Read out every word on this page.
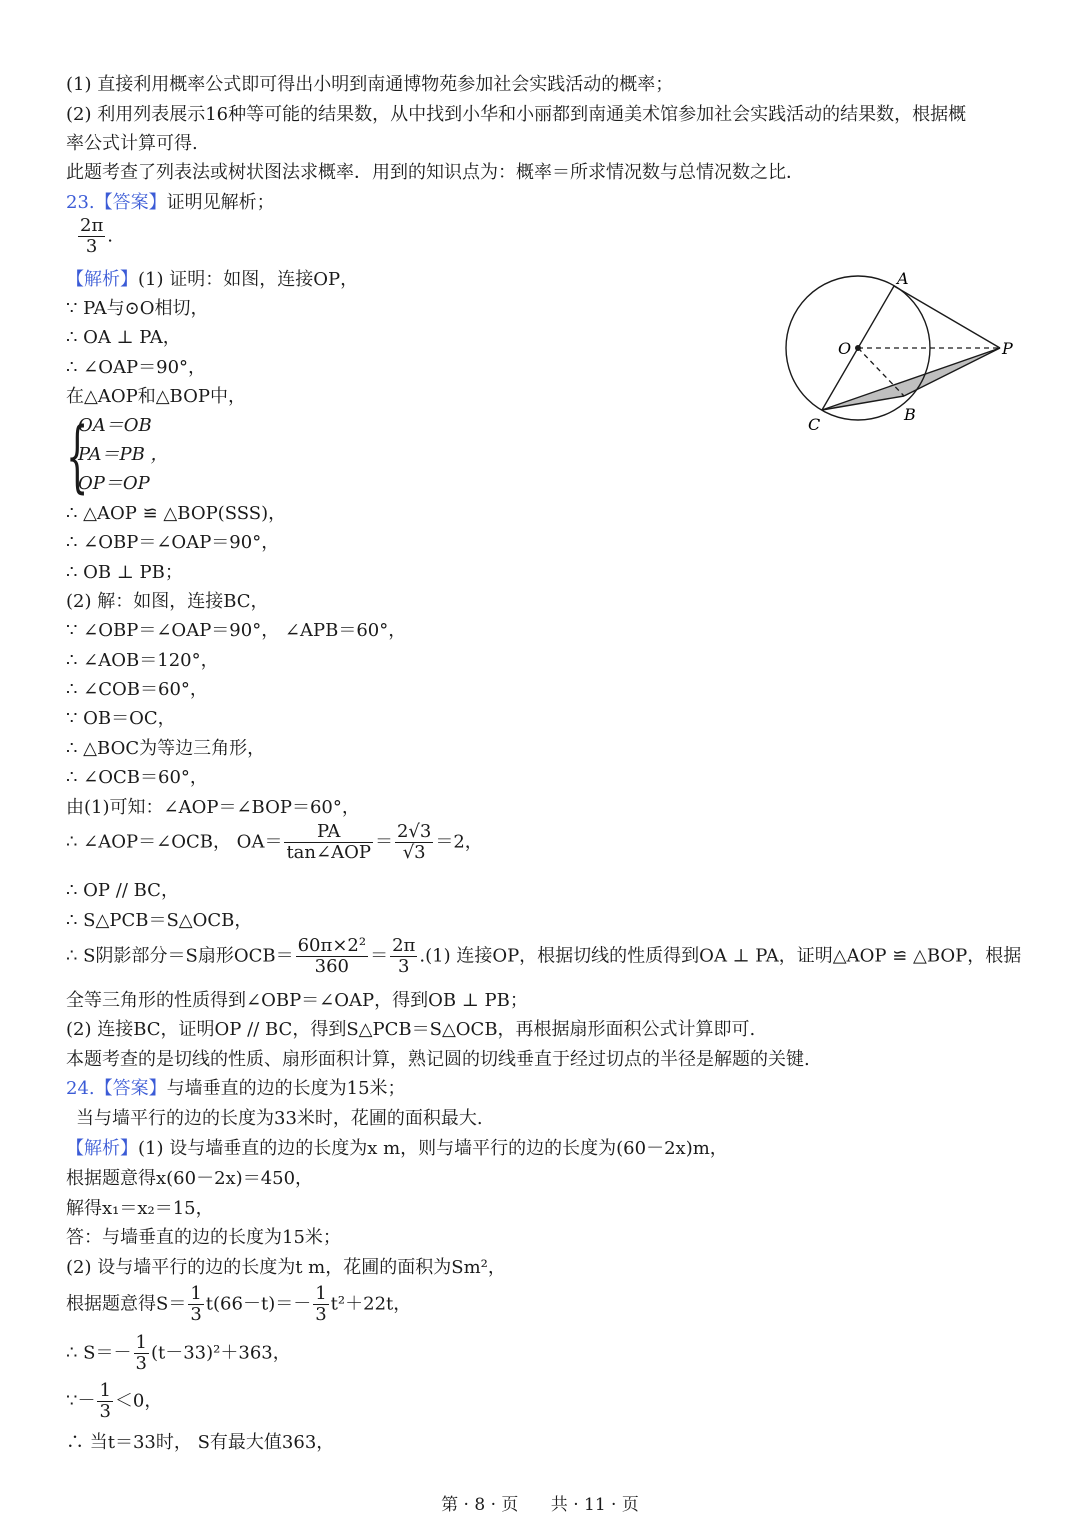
(1) 直接利用概率公式即可得出小明到南通博物苑参加社会实践活动的概率；
(2) 利用列表展示16种等可能的结果数，从中找到小华和小丽都到南通美术馆参加社会实践活动的结果数，根据概
率公式计算可得.
此题考查了列表法或树状图法求概率．用到的知识点为：概率＝所求情况数与总情况数之比．
23.【答案】证明见解析；
$\frac{2\pi}{3}$ .
【解析】(1) 证明：如图，连接OP，
∵ PA与⊙O相切，
∴ OA ⊥ PA，
∴ ∠OAP＝90°，
在△AOP和△BOP中，
{
OA＝OB
PA＝PB ，
OP＝OP
∴ △AOP ≌ △BOP(SSS)，
∴ ∠OBP＝∠OAP＝90°，
∴ OB ⊥ PB；
(2) 解：如图，连接BC，
∵ ∠OBP＝∠OAP＝90°， ∠APB＝60°，
∴ ∠AOB＝120°，
∴ ∠COB＝60°，
∵ OB＝OC，
∴ △BOC为等边三角形，
∴ ∠OCB＝60°，
由(1)可知：∠AOP＝∠BOP＝60°，
∴ ∠AOP＝∠OCB， $OA= \frac{PA}{\text{tan∠AOP}} = \frac{2√3}{√3} =2$，
∴ OP // BC，
∴ S△PCB＝S△OCB，
∴ S阴影部分＝S扇形$OCB= \frac{\text{60π×2²}}{360} = \frac{2\pi}{3} .(1)$ 连接OP，根据切线的性质得到OA ⊥ PA，证明△AOP ≌ △BOP，根据
全等三角形的性质得到∠OBP＝∠OAP，得到OB ⊥ PB；
(2) 连接BC，证明OP // BC，得到S△PCB＝S△OCB，再根据扇形面积公式计算即可.
本题考查的是切线的性质、扇形面积计算，熟记圆的切线垂直于经过切点的半径是解题的关键.
A
O	P
C
B
24.【答案】与墙垂直的边的长度为15米；
当与墙平行的边的长度为33米时，花圃的面积最大.
【解析】(1) 设与墙垂直的边的长度为x m，则与墙平行的边的长度为(60－2x)m，
根据题意得x(60－2x)＝450，
解得x₁＝x₂＝15，
答：与墙垂直的边的长度为15米；
(2) 设与墙平行的边的长度为t m，花圃的面积为Sm²，
根据题意得$S= \frac{1}{3} t(66-t)=- \frac{1}{3} t^2+22t$，
∴ $S=- \frac{1}{3} (t-33)^2+363$，
∵－ $\frac{1}{3} <0$，
∴ 当t＝33时， S有最大值363，
第 · 8 · 页      共 · 11 · 页
